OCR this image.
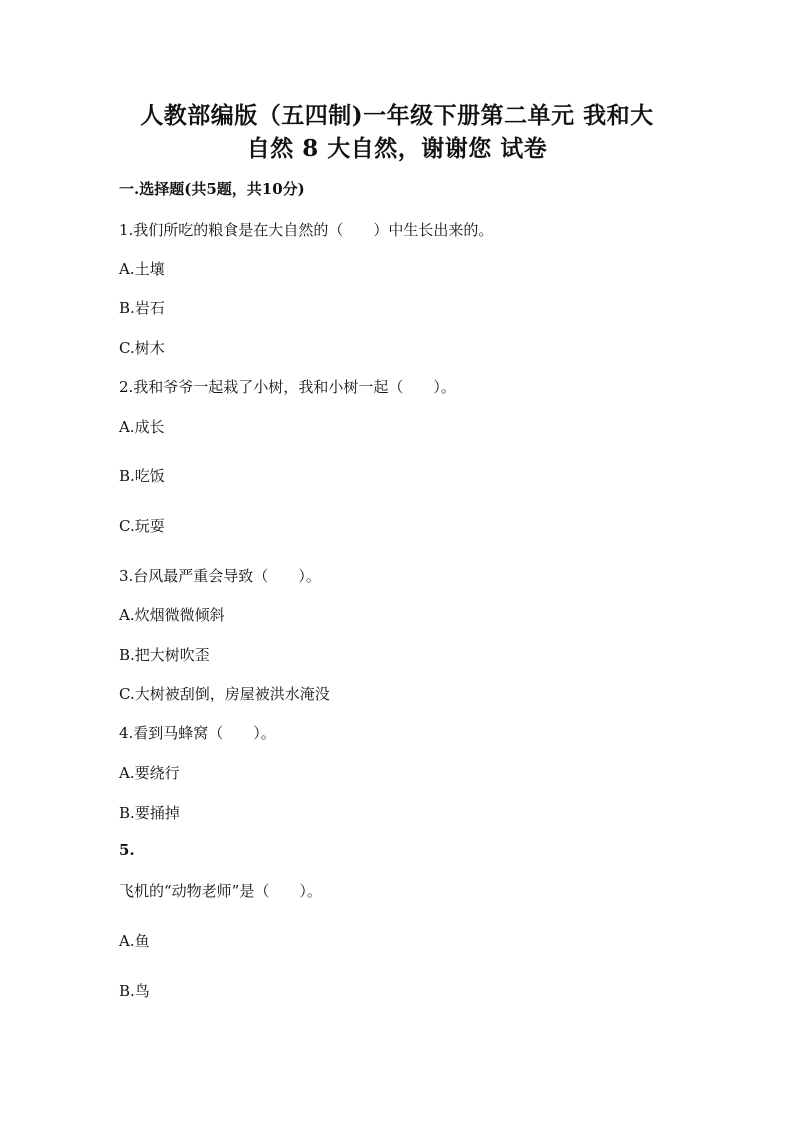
人教部编版（五四制)一年级下册第二单元 我和大
自然 8 大自然，谢谢您 试卷
一.选择题(共5题，共10分)
1.我们所吃的粮食是在大自然的（　　）中生长出来的。
A.土壤
B.岩石
C.树木
2.我和爷爷一起栽了小树，我和小树一起（　　）。
A.成长
B.吃饭
C.玩耍
3.台风最严重会导致（　　）。
A.炊烟微微倾斜
B.把大树吹歪
C.大树被刮倒，房屋被洪水淹没
4.看到马蜂窝（　　）。
A.要绕行
B.要捅掉
5.
飞机的“动物老师”是（　　）。
A.鱼
B.鸟
